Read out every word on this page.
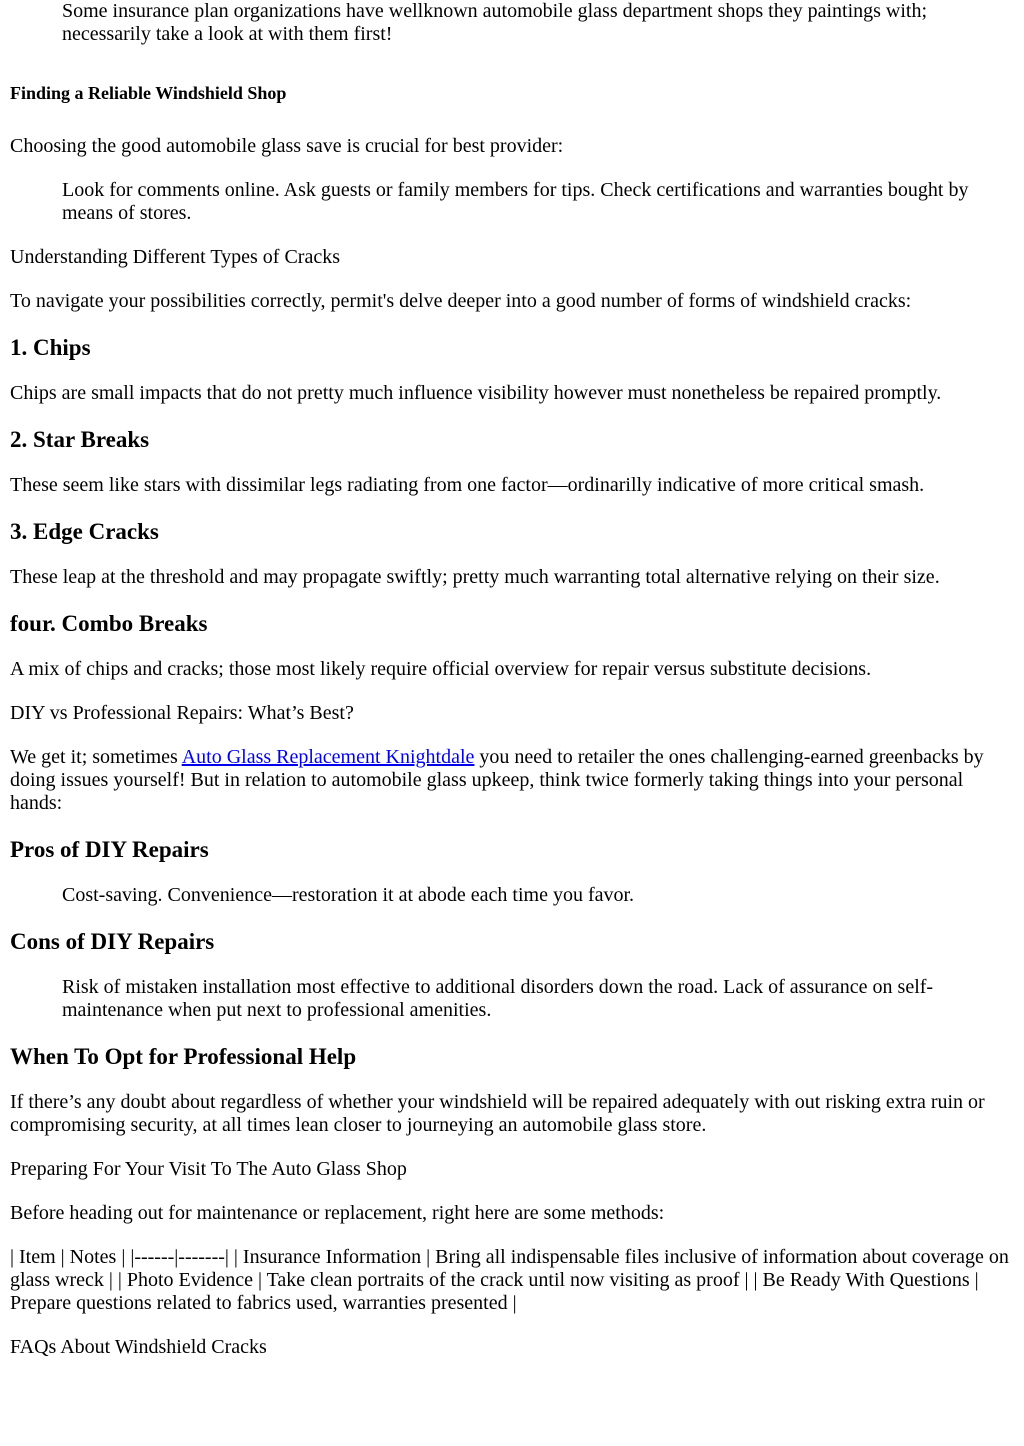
Some insurance plan organizations have wellknown automobile glass department shops they paintings with; necessarily take a look at with them first!

Finding a Reliable Windshield Shop

Choosing the good automobile glass save is crucial for best provider:

Look for comments online. Ask guests or family members for tips. Check certifications and warranties bought by means of stores.

Understanding Different Types of Cracks

To navigate your possibilities correctly, permit's delve deeper into a good number of forms of windshield cracks:

1. Chips

Chips are small impacts that do not pretty much influence visibility however must nonetheless be repaired promptly.

2. Star Breaks

These seem like stars with dissimilar legs radiating from one factor—ordinarilly indicative of more critical smash.

3. Edge Cracks

These leap at the threshold and may propagate swiftly; pretty much warranting total alternative relying on their size.

four. Combo Breaks

A mix of chips and cracks; those most likely require official overview for repair versus substitute decisions.

DIY vs Professional Repairs: What’s Best?

We get it; sometimes Auto Glass Replacement Knightdale you need to retailer the ones challenging-earned greenbacks by doing issues yourself! But in relation to automobile glass upkeep, think twice formerly taking things into your personal hands:

Pros of DIY Repairs

Cost-saving. Convenience—restoration it at abode each time you favor.

Cons of DIY Repairs

Risk of mistaken installation most effective to additional disorders down the road. Lack of assurance on self-maintenance when put next to professional amenities.

When To Opt for Professional Help

If there’s any doubt about regardless of whether your windshield will be repaired adequately with out risking extra ruin or compromising security, at all times lean closer to journeying an automobile glass store.

Preparing For Your Visit To The Auto Glass Shop

Before heading out for maintenance or replacement, right here are some methods:

| Item | Notes | |------|-------| | Insurance Information | Bring all indispensable files inclusive of information about coverage on glass wreck | | Photo Evidence | Take clean portraits of the crack until now visiting as proof | | Be Ready With Questions | Prepare questions related to fabrics used, warranties presented |

FAQs About Windshield Cracks
